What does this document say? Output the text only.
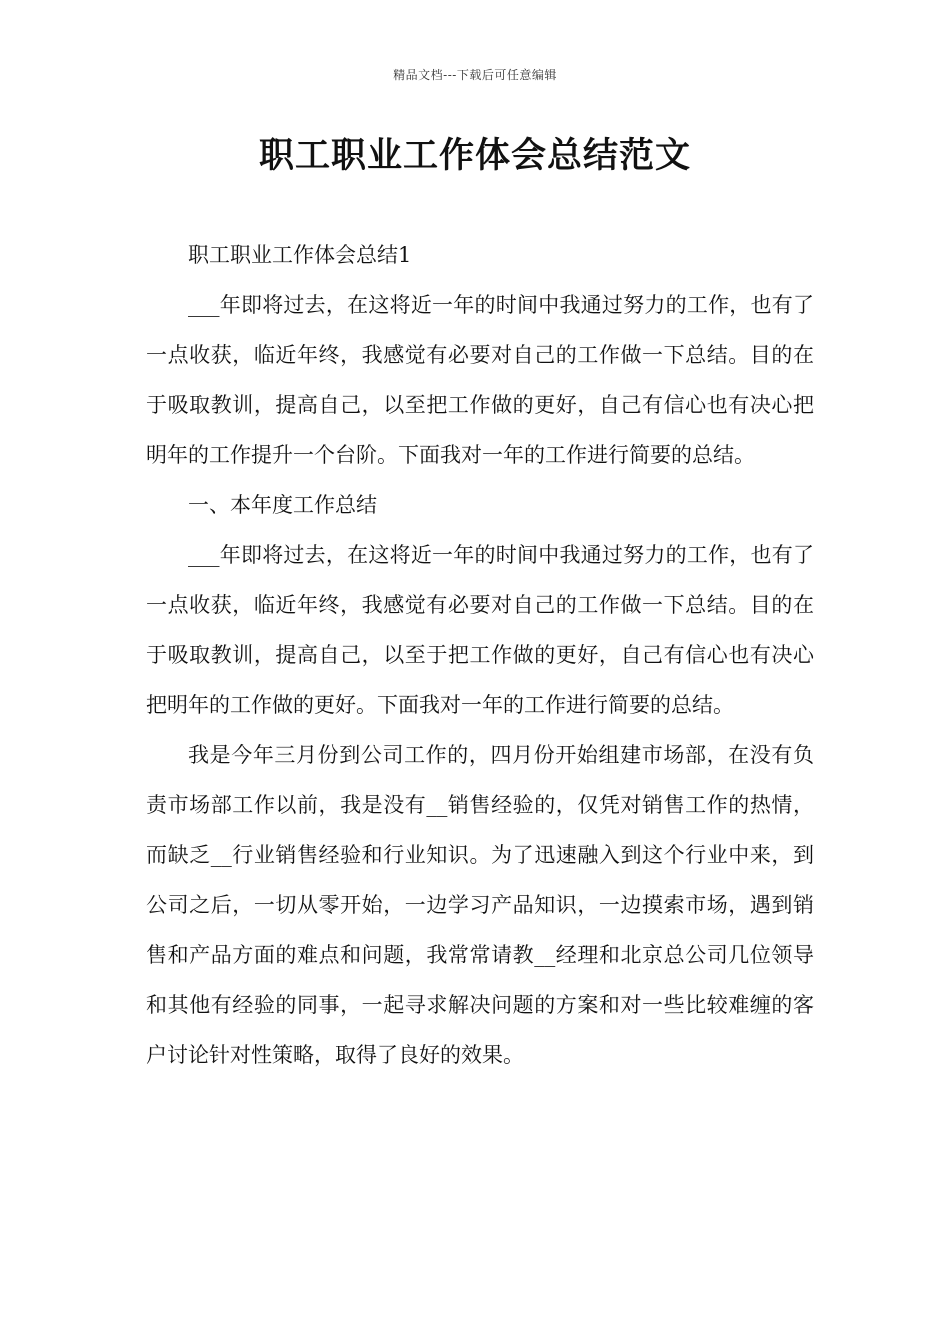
精品文档---下载后可任意编辑
职工职业工作体会总结范文

职工职业工作体会总结1

___年即将过去，在这将近一年的时间中我通过努力的工作，也有了一点收获，临近年终，我感觉有必要对自己的工作做一下总结。目的在于吸取教训，提高自己，以至把工作做的更好，自己有信心也有决心把明年的工作提升一个台阶。下面我对一年的工作进行简要的总结。

一、本年度工作总结

___年即将过去，在这将近一年的时间中我通过努力的工作，也有了一点收获，临近年终，我感觉有必要对自己的工作做一下总结。目的在于吸取教训，提高自己，以至于把工作做的更好，自己有信心也有决心把明年的工作做的更好。下面我对一年的工作进行简要的总结。

我是今年三月份到公司工作的，四月份开始组建市场部，在没有负责市场部工作以前，我是没有__销售经验的，仅凭对销售工作的热情，而缺乏__行业销售经验和行业知识。为了迅速融入到这个行业中来，到公司之后，一切从零开始，一边学习产品知识，一边摸索市场，遇到销售和产品方面的难点和问题，我常常请教__经理和北京总公司几位领导和其他有经验的同事，一起寻求解决问题的方案和对一些比较难缠的客户讨论针对性策略，取得了良好的效果。
